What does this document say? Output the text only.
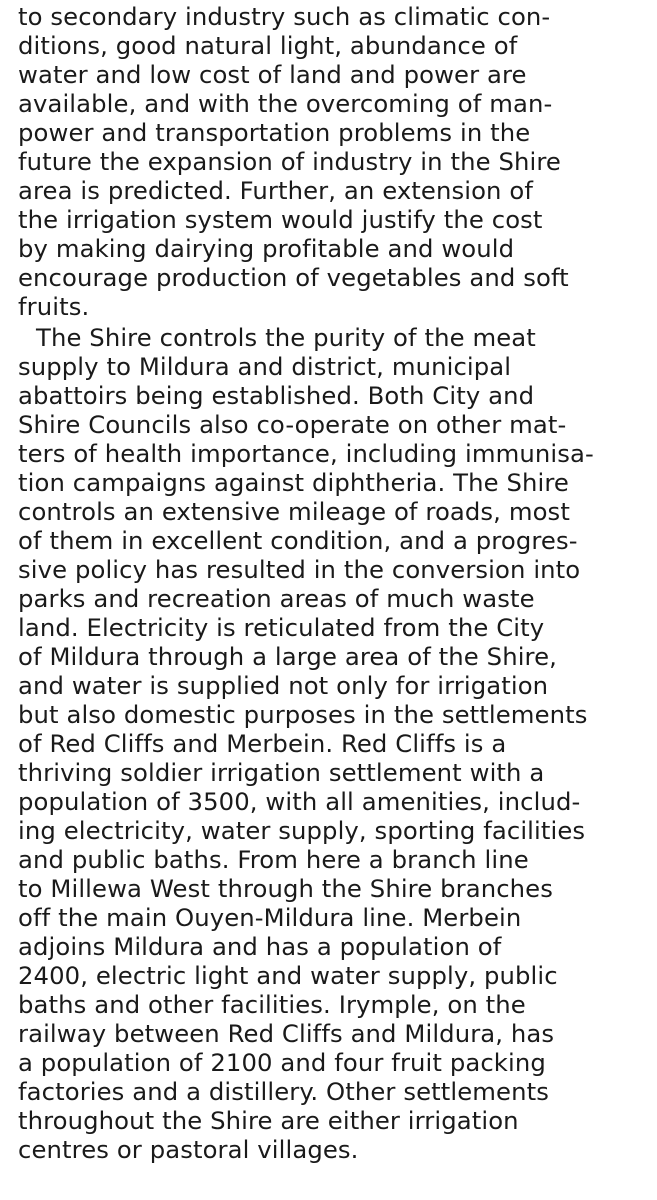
to secondary industry such as climatic con-
ditions, good natural light, abundance of
water and low cost of land and power are
available, and with the overcoming of man-
power and transportation problems in the
future the expansion of industry in the Shire
area is predicted. Further, an extension of
the irrigation system would justify the cost
by making dairying profitable and would
encourage production of vegetables and soft
fruits.
The Shire controls the purity of the meat
supply to Mildura and district, municipal
abattoirs being established. Both City and
Shire Councils also co-operate on other mat-
ters of health importance, including immunisa-
tion campaigns against diphtheria. The Shire
controls an extensive mileage of roads, most
of them in excellent condition, and a progres-
sive policy has resulted in the conversion into
parks and recreation areas of much waste
land. Electricity is reticulated from the City
of Mildura through a large area of the Shire,
and water is supplied not only for irrigation
but also domestic purposes in the settlements
of Red Cliffs and Merbein. Red Cliffs is a
thriving soldier irrigation settlement with a
population of 3500, with all amenities, includ-
ing electricity, water supply, sporting facilities
and public baths. From here a branch line
to Millewa West through the Shire branches
off the main Ouyen-Mildura line. Merbein
adjoins Mildura and has a population of
2400, electric light and water supply, public
baths and other facilities. Irymple, on the
railway between Red Cliffs and Mildura, has
a population of 2100 and four fruit packing
factories and a distillery. Other settlements
throughout the Shire are either irrigation
centres or pastoral villages.
